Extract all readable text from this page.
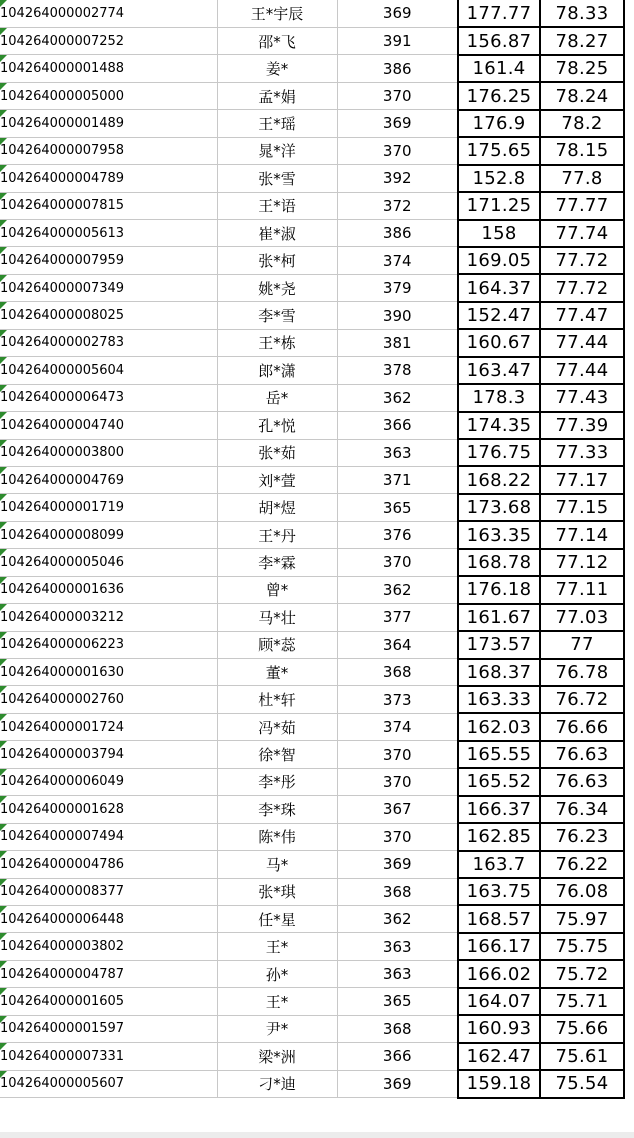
104264000002774	王*宇辰	369	177.77	78.33

104264000007252	邵*飞	391	156.87	78.27

104264000001488	姜*	386	161.4	78.25

104264000005000	孟*娟	370	176.25	78.24

104264000001489	王*瑶	369	176.9	78.2

104264000007958	晁*洋	370	175.65	78.15

104264000004789	张*雪	392	152.8	77.8

104264000007815	王*语	372	171.25	77.77

104264000005613	崔*淑	386	158	77.74

104264000007959	张*柯	374	169.05	77.72

104264000007349	姚*尧	379	164.37	77.72

104264000008025	李*雪	390	152.47	77.47

104264000002783	王*栋	381	160.67	77.44

104264000005604	郎*潇	378	163.47	77.44

104264000006473	岳*	362	178.3	77.43

104264000004740	孔*悦	366	174.35	77.39

104264000003800	张*茹	363	176.75	77.33

104264000004769	刘*萱	371	168.22	77.17

104264000001719	胡*煜	365	173.68	77.15

104264000008099	王*丹	376	163.35	77.14

104264000005046	李*霖	370	168.78	77.12

104264000001636	曾*	362	176.18	77.11

104264000003212	马*壮	377	161.67	77.03

104264000006223	顾*蕊	364	173.57	77

104264000001630	董*	368	168.37	76.78

104264000002760	杜*轩	373	163.33	76.72

104264000001724	冯*茹	374	162.03	76.66

104264000003794	徐*智	370	165.55	76.63

104264000006049	李*彤	370	165.52	76.63

104264000001628	李*珠	367	166.37	76.34

104264000007494	陈*伟	370	162.85	76.23

104264000004786	马*	369	163.7	76.22

104264000008377	张*琪	368	163.75	76.08

104264000006448	任*星	362	168.57	75.97

104264000003802	王*	363	166.17	75.75

104264000004787	孙*	363	166.02	75.72

104264000001605	王*	365	164.07	75.71

104264000001597	尹*	368	160.93	75.66

104264000007331	梁*洲	366	162.47	75.61

104264000005607	刁*迪	369	159.18	75.54
